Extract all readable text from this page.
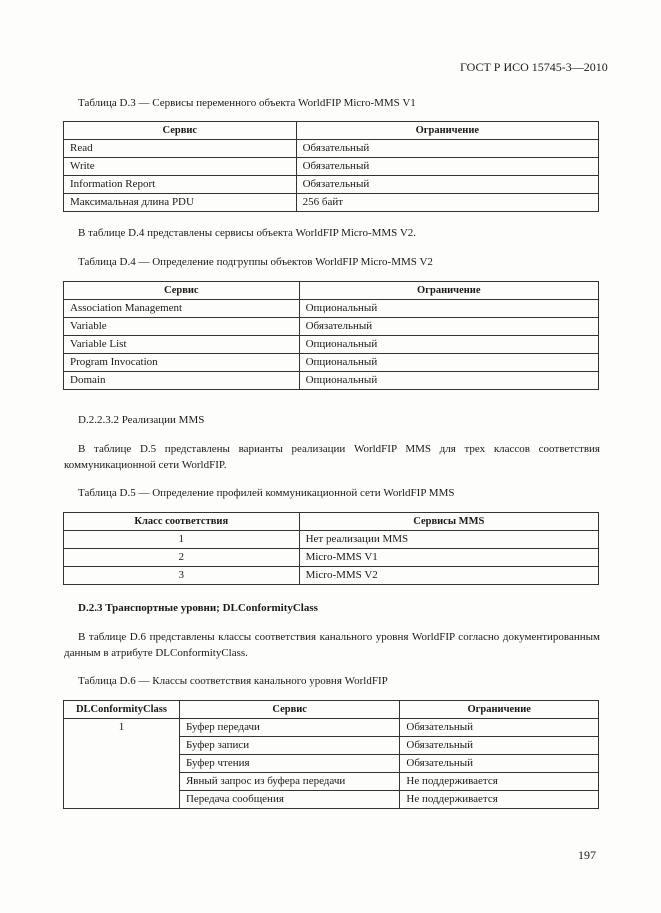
ГОСТ Р ИСО 15745-3—2010
Таблица D.3 — Сервисы переменного объекта WorldFIP Micro-MMS V1
Сервис	Ограничение
Read	Обязательный
Write	Обязательный
Information Report	Обязательный
Максимальная длина PDU	256 байт
В таблице D.4 представлены сервисы объекта WorldFIP Micro-MMS V2.
Таблица D.4 — Определение подгруппы объектов WorldFIP Micro-MMS V2
Сервис	Ограничение
Association Management	Опциональный
Variable	Обязательный
Variable List	Опциональный
Program Invocation	Опциональный
Domain	Опциональный
D.2.2.3.2 Реализации MMS
В таблице D.5 представлены варианты реализации WorldFIP MMS для трех классов соответствия коммуникационной сети WorldFIP.
Таблица D.5 — Определение профилей коммуникационной сети WorldFIP MMS
Класс соответствия	Сервисы MMS
1	Нет реализации MMS
2	Micro-MMS V1
3	Micro-MMS V2
D.2.3 Транспортные уровни; DLConformityClass
В таблице D.6 представлены классы соответствия канального уровня WorldFIP согласно документированным данным в атрибуте DLConformityClass.
Таблица D.6 — Классы соответствия канального уровня WorldFIP
DLConformityClass	Сервис	Ограничение
1	Буфер передачи	Обязательный
	Буфер записи	Обязательный
	Буфер чтения	Обязательный
	Явный запрос из буфера передачи	Не поддерживается
	Передача сообщения	Не поддерживается
197
